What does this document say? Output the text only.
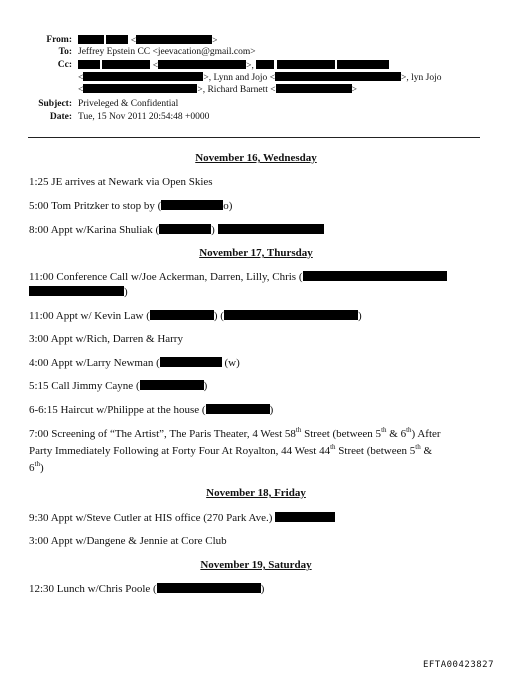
From:	<	>
To: Jeffrey Epstein CC <jeevacation@gmail.com>
Cc:	<	>,
<	>, Lynn and Jojo <	>, lyn Jojo
<	>, Richard Barnett <	>
Subject: Priveleged & Confidential
Date: Tue, 15 Nov 2011 20:54:48 +0000
November 16, Wednesday
1:25 JE arrives at Newark via Open Skies
5:00 Tom Pritzker to stop by (	o)
8:00 Appt w/Karina Shuliak (	)
November 17, Thursday
11:00 Conference Call w/Joe Ackerman, Darren, Lilly, Chris (
)
11:00 Appt w/ Kevin Law (	) (	)
3:00 Appt w/Rich, Darren & Harry
4:00 Appt w/Larry Newman (	(w)
5:15 Call Jimmy Cayne (	)
6-6:15 Haircut w/Philippe at the house (	)
7:00 Screening of “The Artist”, The Paris Theater, 4 West 58th Street (between 5th & 6th) After
Party Immediately Following at Forty Four At Royalton, 44 West 44th Street (between 5th &
6th)
November 18, Friday
9:30 Appt w/Steve Cutler at HIS office (270 Park Ave.)
3:00 Appt w/Dangene & Jennie at Core Club
November 19, Saturday
12:30 Lunch w/Chris Poole (	)
EFTA00423827
